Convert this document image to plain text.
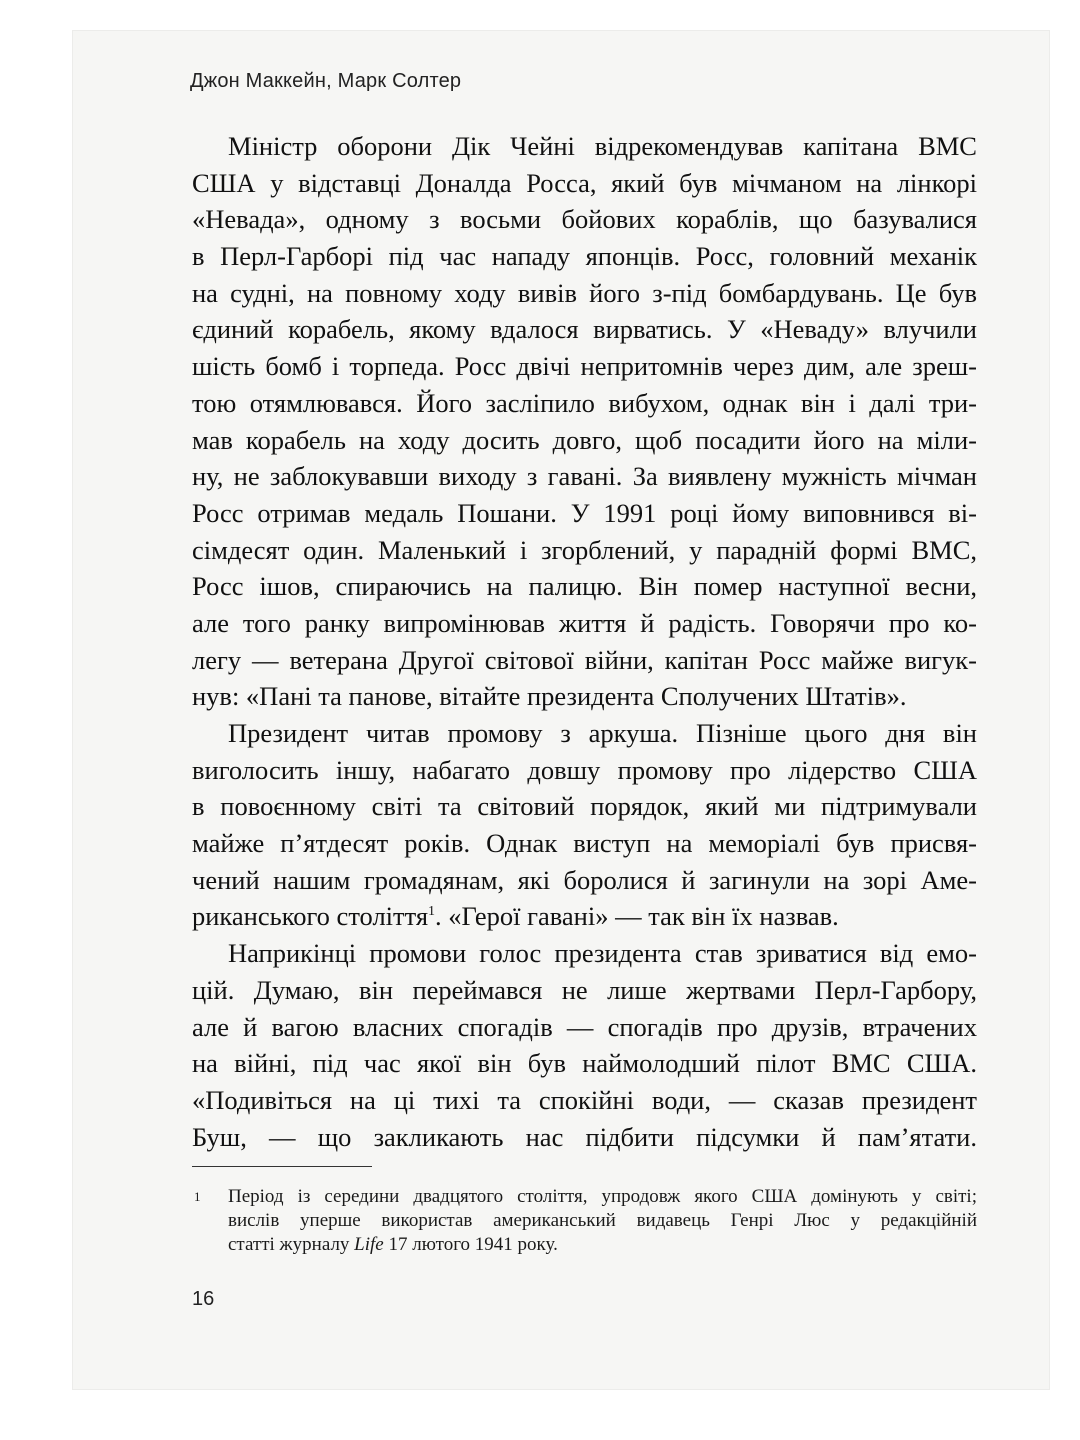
Джон Маккейн, Марк Солтер
Міністр оборони Дік Чейні відрекомендував капітана ВМС
США у відставці Доналда Росса, який був мічманом на лінкорі
«Невада», одному з восьми бойових кораблів, що базувалися
в Перл-Гарборі під час нападу японців. Росс, головний механік
на судні, на повному ходу вивів його з-під бомбардувань. Це був
єдиний корабель, якому вдалося вирватись. У «Неваду» влучили
шість бомб і торпеда. Росс двічі непритомнів через дим, але зреш-
тою отямлювався. Його засліпило вибухом, однак він і далі три-
мав корабель на ходу досить довго, щоб посадити його на міли-
ну, не заблокувавши виходу з гавані. За виявлену мужність мічман
Росс отримав медаль Пошани. У 1991 році йому виповнився ві-
сімдесят один. Маленький і згорблений, у парадній формі ВМС,
Росс ішов, спираючись на палицю. Він помер наступної весни,
але того ранку випромінював життя й радість. Говорячи про ко-
легу — ветерана Другої світової війни, капітан Росс майже вигук-
нув: «Пані та панове, вітайте президента Сполучених Штатів».
Президент читав промову з аркуша. Пізніше цього дня він
виголосить іншу, набагато довшу промову про лідерство США
в повоєнному світі та світовий порядок, який ми підтримували
майже п’ятдесят років. Однак виступ на меморіалі був присвя-
чений нашим громадянам, які боролися й загинули на зорі Аме-
риканського століття$^1$. «Герої гавані» — так він їх назвав.
Наприкінці промови голос президента став зриватися від емо-
цій. Думаю, він переймався не лише жертвами Перл-Гарбору,
але й вагою власних спогадів — спогадів про друзів, втрачених
на війні, під час якої він був наймолодший пілот ВМС США.
«Подивіться на ці тихі та спокійні води, — сказав президент
Буш, — що закликають нас підбити підсумки й пам’ятати.
1	Період із середини двадцятого століття, упродовж якого США домінують у світі;
вислів уперше використав американський видавець Генрі Люс у редакційній
статті журналу Life 17 лютого 1941 року.
16
